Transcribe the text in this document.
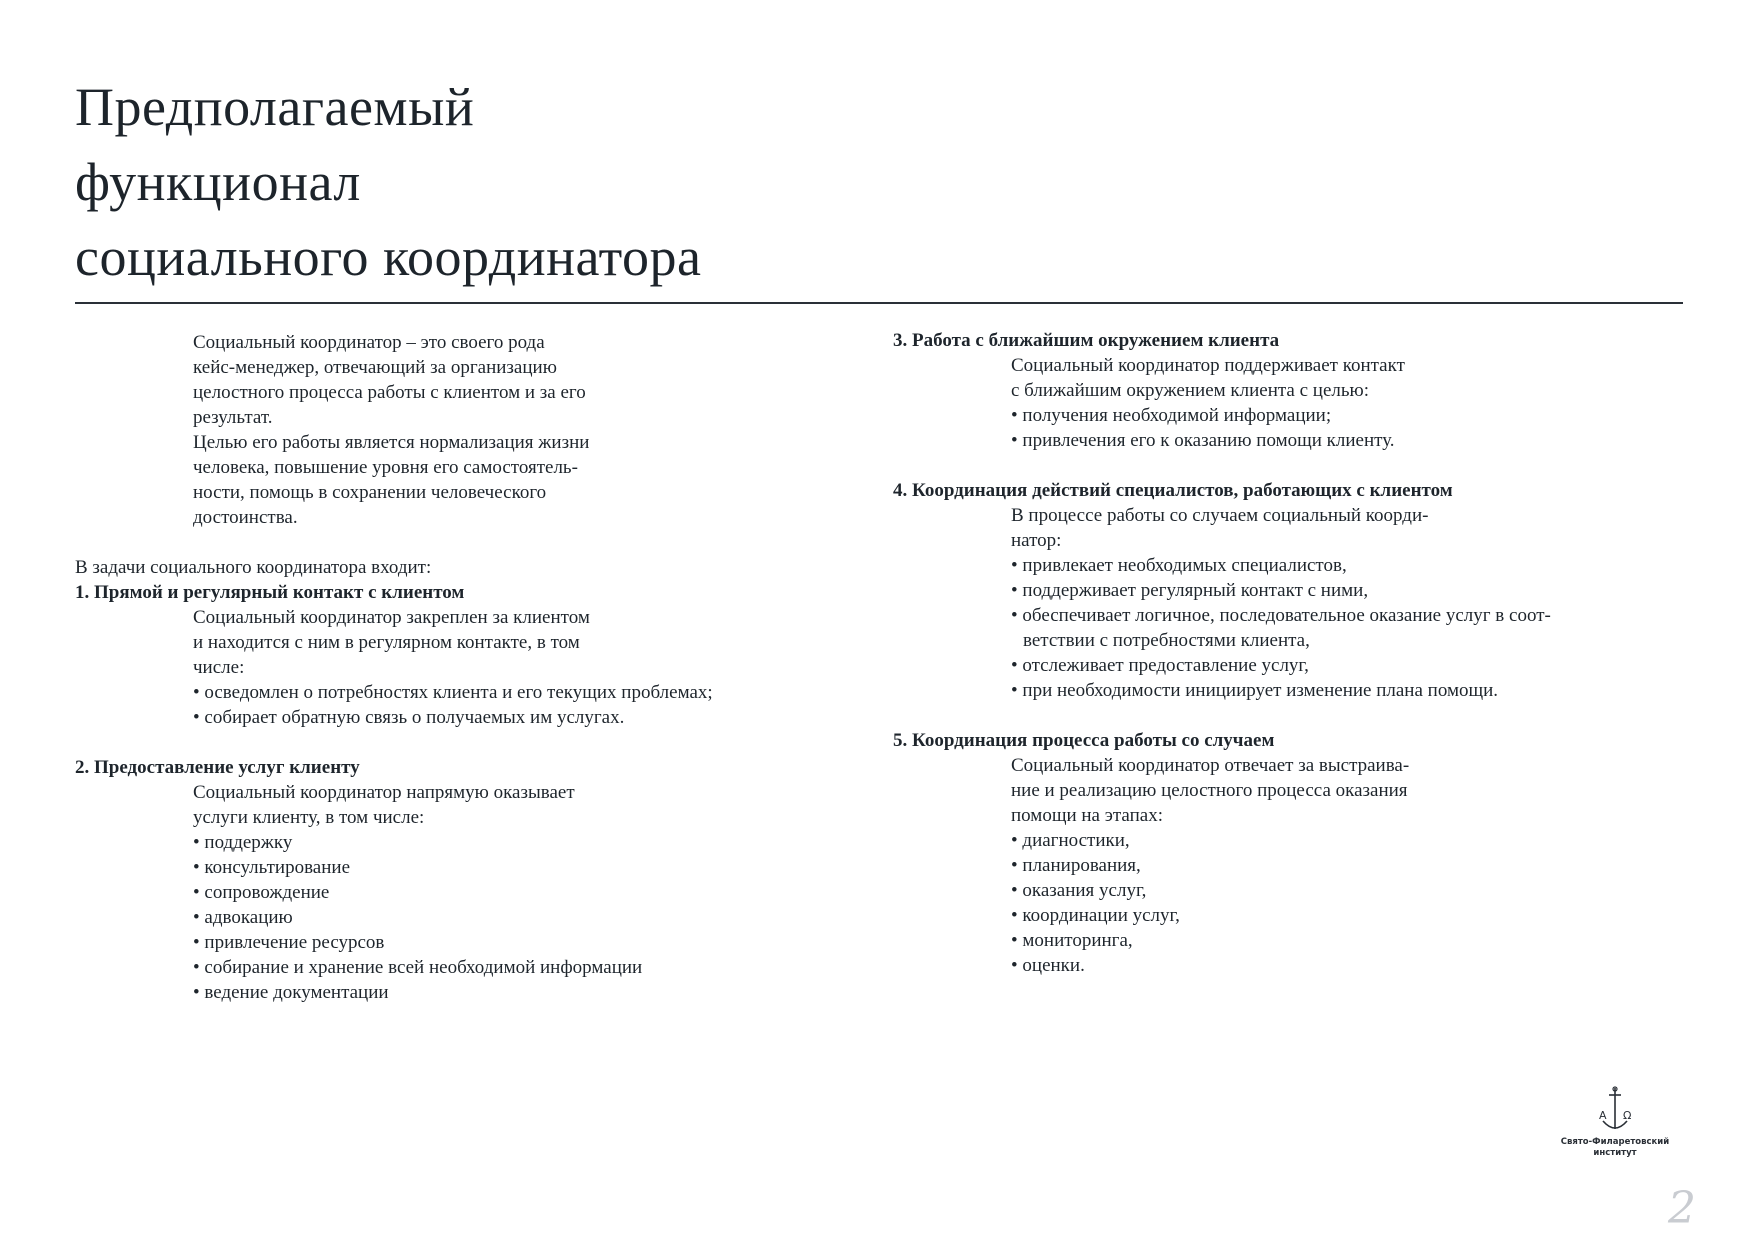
Предполагаемый
функционал
социального координатора
Социальный координатор – это своего рода
кейс-менеджер, отвечающий за организацию
целостного процесса работы с клиентом и за его
результат.
Целью его работы является нормализация жизни
человека, повышение уровня его самостоятель-
ности, помощь в сохранении человеческого
достоинства.
В задачи социального координатора входит:
1. Прямой и регулярный контакт с клиентом
Социальный координатор закреплен за клиентом
и находится с ним в регулярном контакте, в том
числе:
• осведомлен о потребностях клиента и его текущих проблемах;
• собирает обратную связь о получаемых им услугах.
2. Предоставление услуг клиенту
Социальный координатор напрямую оказывает
услуги клиенту, в том числе:
• поддержку
• консультирование
• сопровождение
• адвокацию
• привлечение ресурсов
• собирание и хранение всей необходимой информации
• ведение документации
3. Работа с ближайшим окружением клиента
Социальный координатор поддерживает контакт
с ближайшим окружением клиента с целью:
• получения необходимой информации;
• привлечения его к оказанию помощи клиенту.
4. Координация действий специалистов, работающих с клиентом
В процессе работы со случаем социальный коорди-
натор:
• привлекает необходимых специалистов,
• поддерживает регулярный контакт с ними,
• обеспечивает логичное, последовательное оказание услуг в соот-
ветствии с потребностями клиента,
• отслеживает предоставление услуг,
• при необходимости инициирует изменение плана помощи.
5. Координация процесса работы со случаем
Социальный координатор отвечает за выстраива-
ние и реализацию целостного процесса оказания
помощи на этапах:
• диагностики,
• планирования,
• оказания услуг,
• координации услуг,
• мониторинга,
• оценки.
А Ω
Свято-Филаретовский
институт
2
